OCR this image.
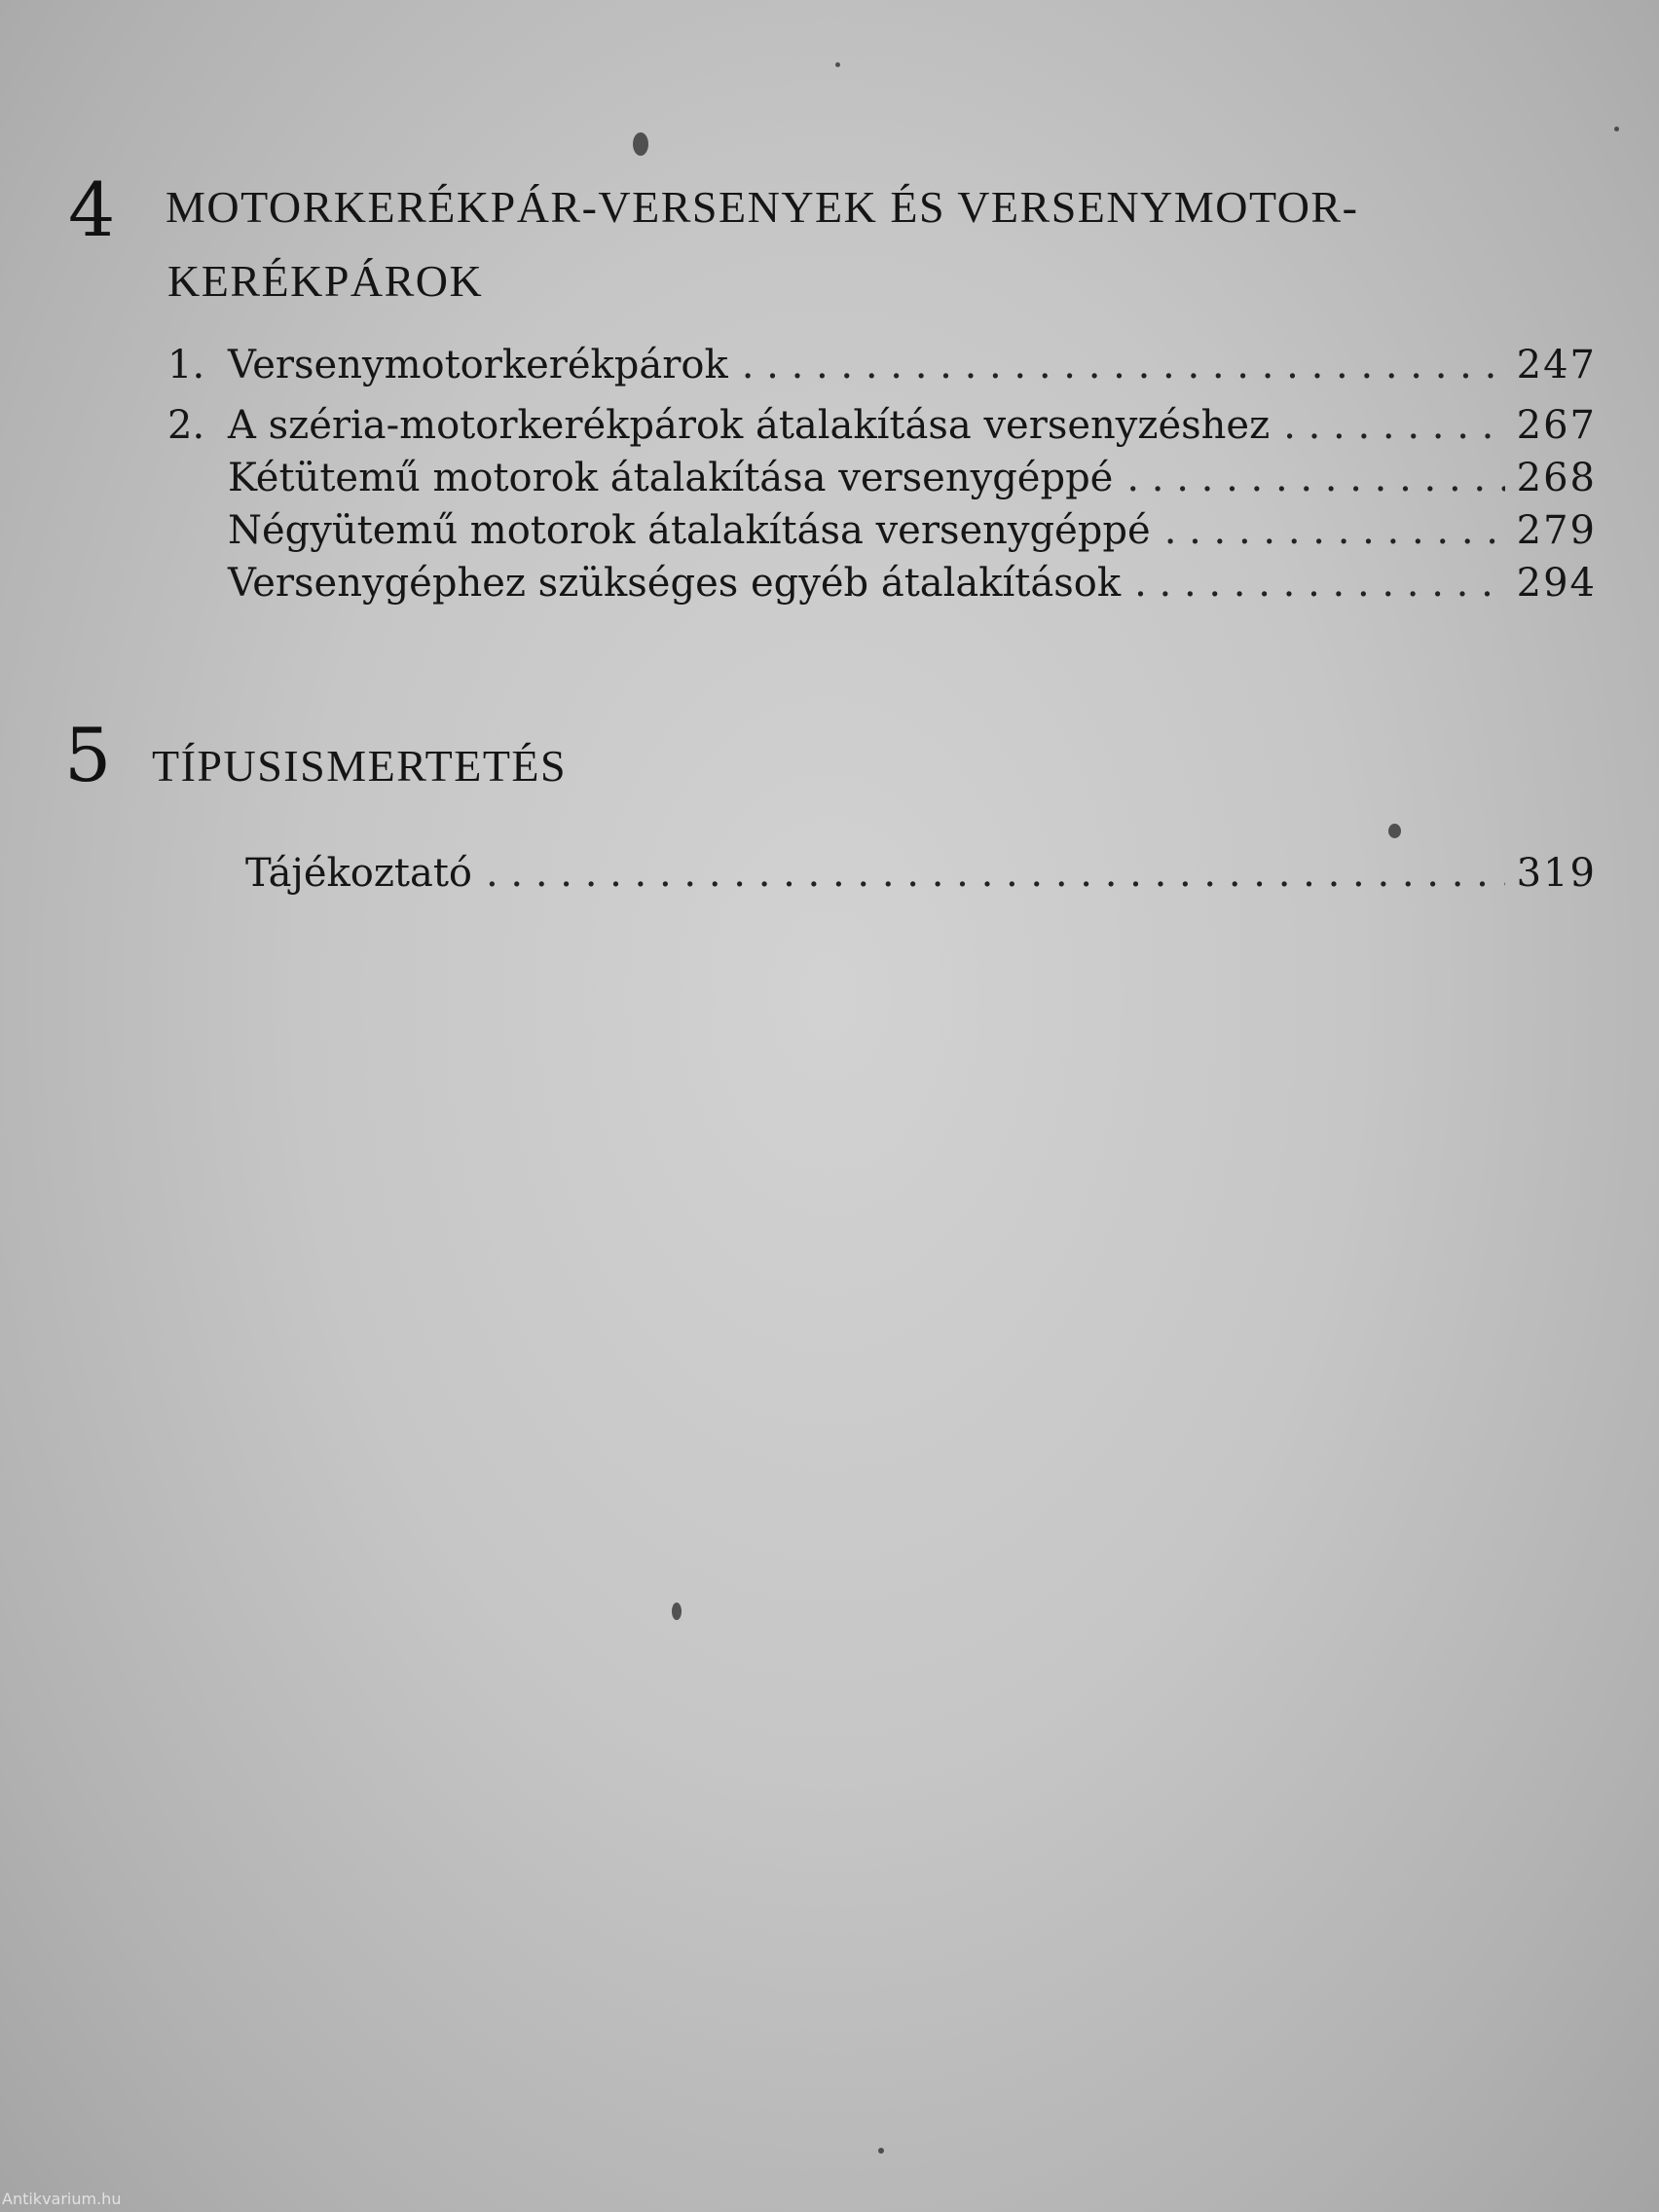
4 MOTORKERÉKPÁR-VERSENYEK ÉS VERSENYMOTOR-
KERÉKPÁROK
1. Versenymotorkerékpárok . . .	247
2. A széria-motorkerékpárok átalakítása versenyzéshez . . .	267
Kétütemű motorok átalakítása versenygéppé . . .	268
Négyütemű motorok átalakítása versenygéppé . . .	279
Versenygéphez szükséges egyéb átalakítások . . .	294
5 TÍPUSISMERTETÉS
Tájékoztató . . .	319
Antikvarium.hu
